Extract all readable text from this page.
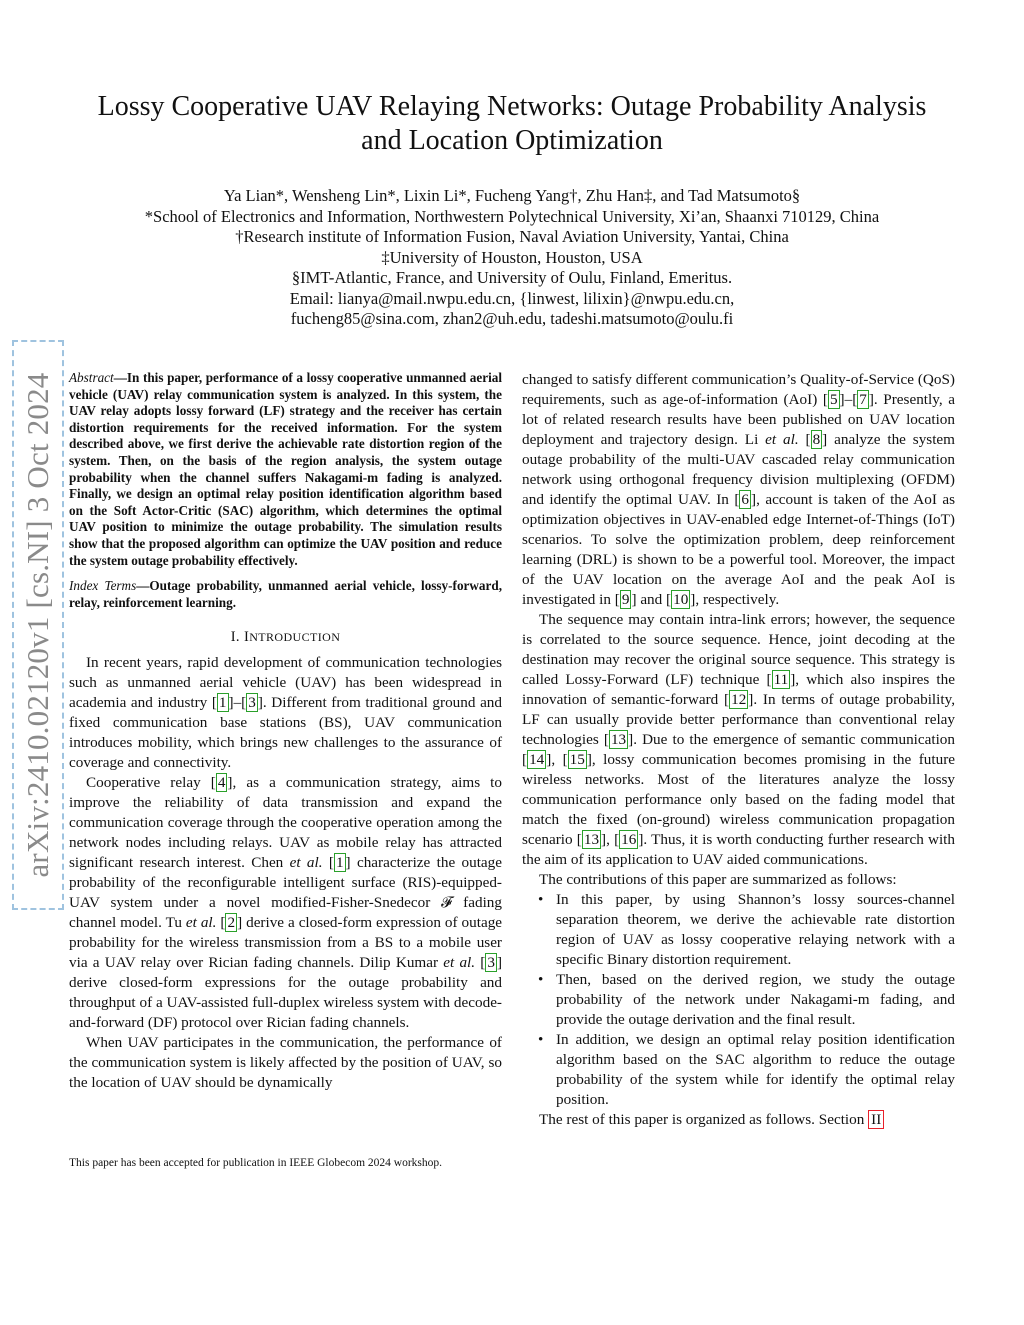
arXiv:2410.02120v1 [cs.NI] 3 Oct 2024
Lossy Cooperative UAV Relaying Networks: Outage Probability Analysis
and Location Optimization
Ya Lian*, Wensheng Lin*, Lixin Li*, Fucheng Yang†, Zhu Han‡, and Tad Matsumoto§
*School of Electronics and Information, Northwestern Polytechnical University, Xi’an, Shaanxi 710129, China
†Research institute of Information Fusion, Naval Aviation University, Yantai, China
‡University of Houston, Houston, USA
§IMT-Atlantic, France, and University of Oulu, Finland, Emeritus.
Email: lianya@mail.nwpu.edu.cn, {linwest, lilixin}@nwpu.edu.cn,
fucheng85@sina.com, zhan2@uh.edu, tadeshi.matsumoto@oulu.fi

Abstract—In this paper, performance of a lossy cooperative unmanned aerial vehicle (UAV) relay communication system is analyzed. In this system, the UAV relay adopts lossy forward (LF) strategy and the receiver has certain distortion requirements for the received information. For the system described above, we first derive the achievable rate distortion region of the system. Then, on the basis of the region analysis, the system outage probability when the channel suffers Nakagami-m fading is analyzed. Finally, we design an optimal relay position identification algorithm based on the Soft Actor-Critic (SAC) algorithm, which determines the optimal UAV position to minimize the outage probability. The simulation results show that the proposed algorithm can optimize the UAV position and reduce the system outage probability effectively.

Index Terms—Outage probability, unmanned aerial vehicle, lossy-forward, relay, reinforcement learning.

I. INTRODUCTION

In recent years, rapid development of communication technologies such as unmanned aerial vehicle (UAV) has been widespread in academia and industry [ 1 ]–[ 3 ]. Different from traditional ground and fixed communication base stations (BS), UAV communication introduces mobility, which brings new challenges to the assurance of coverage and connectivity.

Cooperative relay [ 4 ], as a communication strategy, aims to improve the reliability of data transmission and expand the communication coverage through the cooperative operation among the network nodes including relays. UAV as mobile relay has attracted significant research interest. Chen et al. [ 1 ] characterize the outage probability of the reconfigurable intelligent surface (RIS)-equipped-UAV system under a novel modified-Fisher-Snedecor 𝓕 fading channel model. Tu et al. [ 2 ] derive a closed-form expression of outage probability for the wireless transmission from a BS to a mobile user via a UAV relay over Rician fading channels. Dilip Kumar et al. [ 3 ] derive closed-form expressions for the outage probability and throughput of a UAV-assisted full-duplex wireless system with decode-and-forward (DF) protocol over Rician fading channels.

When UAV participates in the communication, the performance of the communication system is likely affected by the position of UAV, so the location of UAV should be dynamically

This paper has been accepted for publication in IEEE Globecom 2024 workshop.

changed to satisfy different communication’s Quality-of-Service (QoS) requirements, such as age-of-information (AoI) [ 5 ]–[ 7 ]. Presently, a lot of related research results have been published on UAV location deployment and trajectory design. Li et al. [ 8 ] analyze the system outage probability of the multi-UAV cascaded relay communication network using orthogonal frequency division multiplexing (OFDM) and identify the optimal UAV. In [ 6 ], account is taken of the AoI as optimization objectives in UAV-enabled edge Internet-of-Things (IoT) scenarios. To solve the optimization problem, deep reinforcement learning (DRL) is shown to be a powerful tool. Moreover, the impact of the UAV location on the average AoI and the peak AoI is investigated in [ 9 ] and [ 10 ], respectively.

The sequence may contain intra-link errors; however, the sequence is correlated to the source sequence. Hence, joint decoding at the destination may recover the original source sequence. This strategy is called Lossy-Forward (LF) technique [ 11 ], which also inspires the innovation of semantic-forward [ 12 ]. In terms of outage probability, LF can usually provide better performance than conventional relay technologies [ 13 ]. Due to the emergence of semantic communication [ 14 ], [ 15 ], lossy communication becomes promising in the future wireless networks. Most of the literatures analyze the lossy communication performance only based on the fading model that match the fixed (on-ground) wireless communication propagation scenario [ 13 ], [ 16 ]. Thus, it is worth conducting further research with the aim of its application to UAV aided communications.

The contributions of this paper are summarized as follows:

• In this paper, by using Shannon’s lossy sources-channel separation theorem, we derive the achievable rate distortion region of UAV as lossy cooperative relaying network with a specific Binary distortion requirement.
• Then, based on the derived region, we study the outage probability of the network under Nakagami-m fading, and provide the outage derivation and the final result.
• In addition, we design an optimal relay position identification algorithm based on the SAC algorithm to reduce the outage probability of the system while for identify the optimal relay position.

The rest of this paper is organized as follows. Section II
